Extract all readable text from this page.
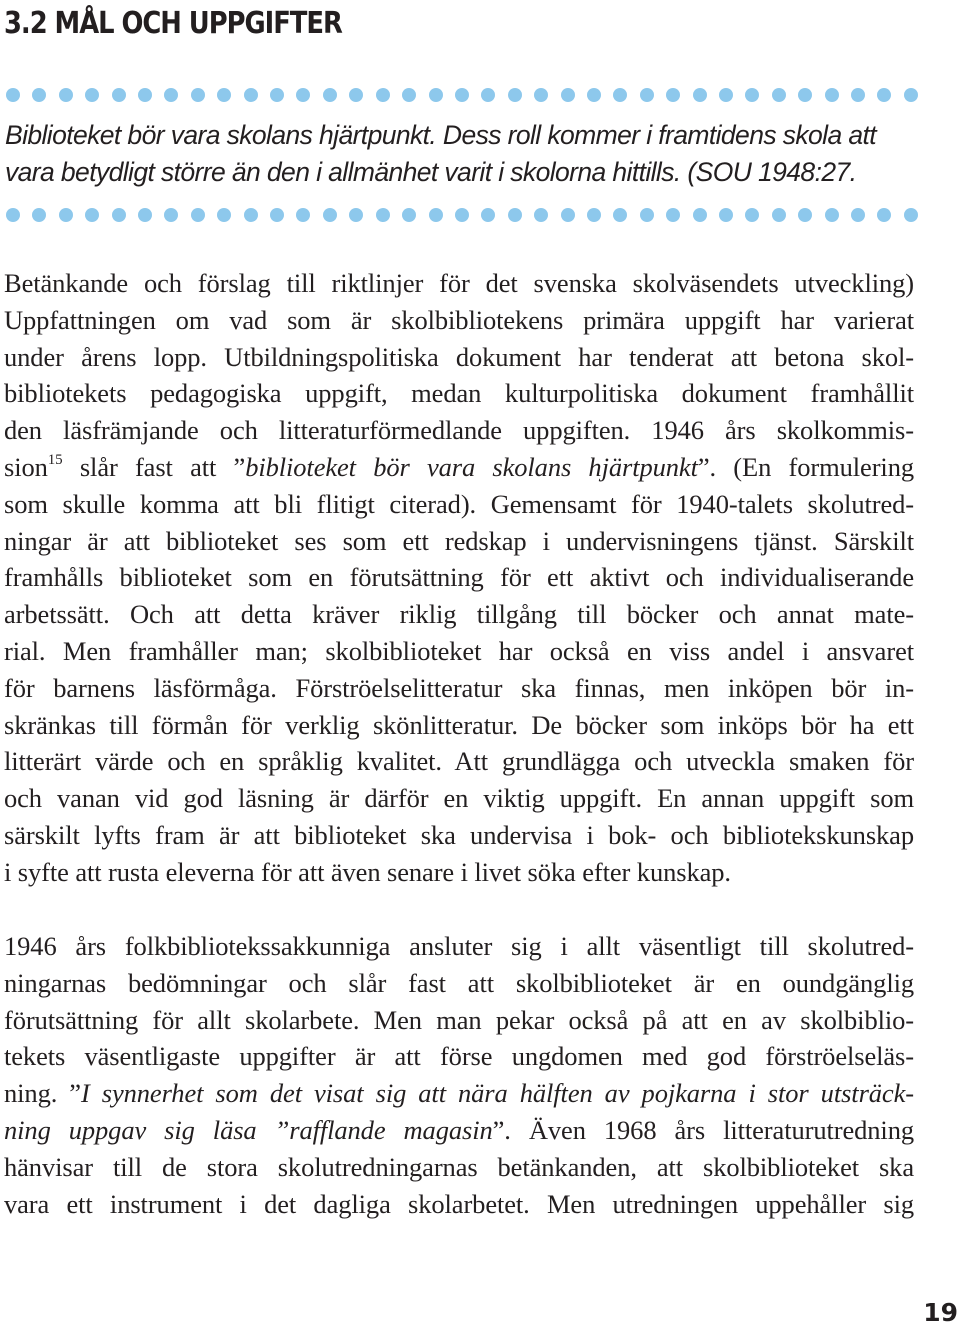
3.2 MÅL OCH UPPGIFTER

Biblioteket bör vara skolans hjärtpunkt. Dess roll kommer i framtidens skola att
vara betydligt större än den i allmänhet varit i skolorna hittills. (SOU 1948:27.

Betänkande och förslag till riktlinjer för det svenska skolväsendets utveckling)
Uppfattningen om vad som är skolbibliotekens primära uppgift har varierat
under årens lopp. Utbildningspolitiska dokument har tenderat att betona skol-
bibliotekets pedagogiska uppgift, medan kulturpolitiska dokument framhållit
den läsfrämjande och litteraturförmedlande uppgiften. 1946 års skolkommis-
sion$^{15}$ slår fast att ”biblioteket bör vara skolans hjärtpunkt”. (En formulering
som skulle komma att bli flitigt citerad). Gemensamt för 1940-talets skolutred-
ningar är att biblioteket ses som ett redskap i undervisningens tjänst. Särskilt
framhålls biblioteket som en förutsättning för ett aktivt och individualiserande
arbetssätt. Och att detta kräver riklig tillgång till böcker och annat mate-
rial. Men framhåller man; skolbiblioteket har också en viss andel i ansvaret
för barnens läsförmåga. Förströelselitteratur ska finnas, men inköpen bör in-
skränkas till förmån för verklig skönlitteratur. De böcker som inköps bör ha ett
litterärt värde och en språklig kvalitet. Att grundlägga och utveckla smaken för
och vanan vid god läsning är därför en viktig uppgift. En annan uppgift som
särskilt lyfts fram är att biblioteket ska undervisa i bok- och bibliotekskunskap
i syfte att rusta eleverna för att även senare i livet söka efter kunskap.
1946 års folkbibliotekssakkunniga ansluter sig i allt väsentligt till skolutred-
ningarnas bedömningar och slår fast att skolbiblioteket är en oundgänglig
förutsättning för allt skolarbete. Men man pekar också på att en av skolbiblio-
tekets väsentligaste uppgifter är att förse ungdomen med god förströelseläs-
ning. ”I synnerhet som det visat sig att nära hälften av pojkarna i stor utsträck-
ning uppgav sig läsa ”rafflande magasin”. Även 1968 års litteraturutredning
hänvisar till de stora skolutredningarnas betänkanden, att skolbiblioteket ska
vara ett instrument i det dagliga skolarbetet. Men utredningen uppehåller sig
19
